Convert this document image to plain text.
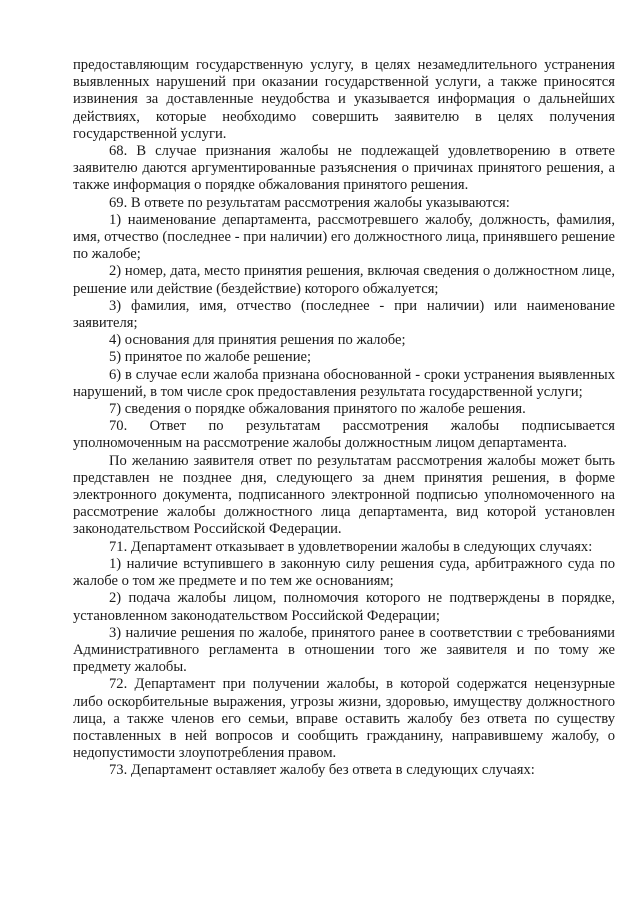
предоставляющим государственную услугу, в целях незамедлительного устранения выявленных нарушений при оказании государственной услуги, а также приносятся извинения за доставленные неудобства и указывается информация о дальнейших действиях, которые необходимо совершить заявителю в целях получения государственной услуги.

68. В случае признания жалобы не подлежащей удовлетворению в ответе заявителю даются аргументированные разъяснения о причинах принятого решения, а также информация о порядке обжалования принятого решения.

69. В ответе по результатам рассмотрения жалобы указываются:

1) наименование департамента, рассмотревшего жалобу, должность, фамилия, имя, отчество (последнее - при наличии) его должностного лица, принявшего решение по жалобе;

2) номер, дата, место принятия решения, включая сведения о должностном лице, решение или действие (бездействие) которого обжалуется;

3) фамилия, имя, отчество (последнее - при наличии) или наименование заявителя;

4) основания для принятия решения по жалобе;

5) принятое по жалобе решение;

6) в случае если жалоба признана обоснованной - сроки устранения выявленных нарушений, в том числе срок предоставления результата государственной услуги;

7) сведения о порядке обжалования принятого по жалобе решения.

70. Ответ по результатам рассмотрения жалобы подписывается уполномоченным на рассмотрение жалобы должностным лицом департамента.

По желанию заявителя ответ по результатам рассмотрения жалобы может быть представлен не позднее дня, следующего за днем принятия решения, в форме электронного документа, подписанного электронной подписью уполномоченного на рассмотрение жалобы должностного лица департамента, вид которой установлен законодательством Российской Федерации.

71. Департамент отказывает в удовлетворении жалобы в следующих случаях:

1) наличие вступившего в законную силу решения суда, арбитражного суда по жалобе о том же предмете и по тем же основаниям;

2) подача жалобы лицом, полномочия которого не подтверждены в порядке, установленном законодательством Российской Федерации;

3) наличие решения по жалобе, принятого ранее в соответствии с требованиями Административного регламента в отношении того же заявителя и по тому же предмету жалобы.

72. Департамент при получении жалобы, в которой содержатся нецензурные либо оскорбительные выражения, угрозы жизни, здоровью, имуществу должностного лица, а также членов его семьи, вправе оставить жалобу без ответа по существу поставленных в ней вопросов и сообщить гражданину, направившему жалобу, о недопустимости злоупотребления правом.

73. Департамент оставляет жалобу без ответа в следующих случаях:
